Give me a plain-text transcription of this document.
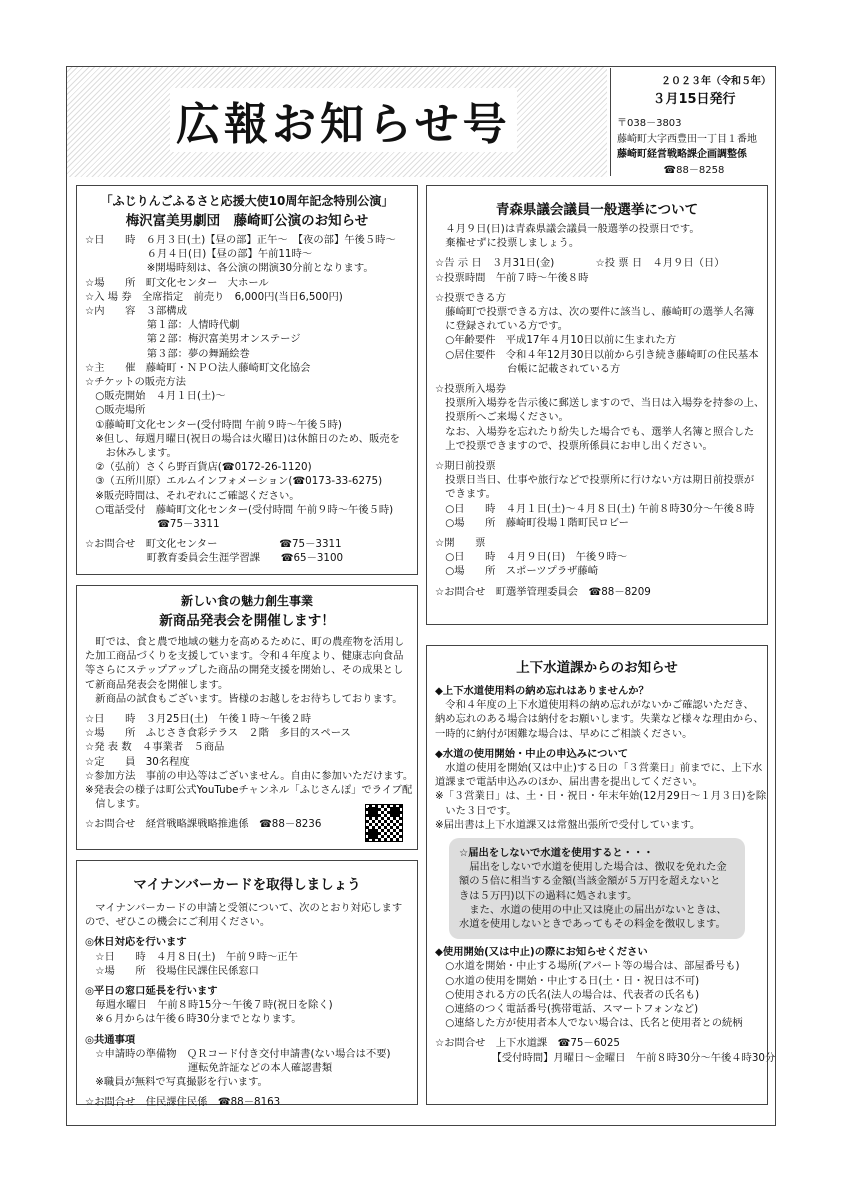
広報お知らせ号
２０２３年（令和５年）
３月15日発行
〒038－3803
藤崎町大字西豊田一丁目１番地
藤崎町経営戦略課企画調整係
☎88－8258
「ふじりんごふるさと応援大使10周年記念特別公演」
梅沢富美男劇団　藤崎町公演のお知らせ
☆日　　時　６月３日(土)【昼の部】正午～　【夜の部】午後５時～
　　　　　　６月４日(日)【昼の部】午前11時～
　　　　　　※開場時刻は、各公演の開演30分前となります。
☆場　　所　町文化センター　大ホール
☆入 場 券　全席指定　前売り　6,000円(当日6,500円)
☆内　　容　３部構成
　　　　　　第１部：人情時代劇
　　　　　　第２部：梅沢富美男オンステージ
　　　　　　第３部：夢の舞踊絵巻
☆主　　催　藤崎町・ＮＰＯ法人藤崎町文化協会
☆チケットの販売方法
　○販売開始　４月１日(土)～
　○販売場所
　①藤崎町文化センター(受付時間 午前９時～午後５時)
　※但し、毎週月曜日(祝日の場合は火曜日)は休館日のため、販売を
　　お休みします。
　②（弘前）さくら野百貨店(☎0172-26-1120)
　③（五所川原）エルムインフォメーション(☎0173-33-6275)
　※販売時間は、それぞれにご確認ください。
　○電話受付　藤崎町文化センター(受付時間 午前９時～午後５時)
　　　　　　　☎75－3311
☆お問合せ　町文化センター　　　　　　☎75－3311
　　　　　　町教育委員会生涯学習課　　☎65－3100
青森県議会議員一般選挙について
　４月９日(日)は青森県議会議員一般選挙の投票日です。
　棄権せずに投票しましょう。
☆告 示 日　３月31日(金)　　　　☆投 票 日　４月９日（日）
☆投票時間　午前７時～午後８時
☆投票できる方
　藤崎町で投票できる方は、次の要件に該当し、藤崎町の選挙人名簿
　に登録されている方です。
　○年齢要件　平成17年４月10日以前に生まれた方
　○居住要件　令和４年12月30日以前から引き続き藤崎町の住民基本
　　　　　　　台帳に記載されている方
☆投票所入場券
　投票所入場券を告示後に郵送しますので、当日は入場券を持参の上、
　投票所へご来場ください。
　なお、入場券を忘れたり紛失した場合でも、選挙人名簿と照合した
　上で投票できますので、投票所係員にお申し出ください。
☆期日前投票
　投票日当日、仕事や旅行などで投票所に行けない方は期日前投票が
　できます。
　○日　　時　４月１日(土)～４月８日(土) 午前８時30分～午後８時
　○場　　所　藤崎町役場１階町民ロビー
☆開　　票
　○日　　時　４月９日(日)　午後９時～
　○場　　所　スポーツプラザ藤崎
☆お問合せ　町選挙管理委員会　☎88－8209
新しい食の魅力創生事業
新商品発表会を開催します！
　町では、食と農で地域の魅力を高めるために、町の農産物を活用し
た加工商品づくりを支援しています。令和４年度より、健康志向食品
等さらにステップアップした商品の開発支援を開始し、その成果とし
て新商品発表会を開催します。
　新商品の試食もございます。皆様のお越しをお待ちしております。
☆日　　時　３月25日(土)　午後１時～午後２時
☆場　　所　ふじさき食彩テラス　２階　多目的スペース
☆発 表 数　４事業者　５商品
☆定　　員　30名程度
☆参加方法　事前の申込等はございません。自由に参加いただけます。
※発表会の様子は町公式YouTubeチャンネル「ふじさんぽ」でライブ配
　信します。
☆お問合せ　経営戦略課戦略推進係　☎88－8236
上下水道課からのお知らせ
◆上下水道使用料の納め忘れはありませんか？
　令和４年度の上下水道使用料の納め忘れがないかご確認いただき、
納め忘れのある場合は納付をお願いします。失業など様々な理由から、
一時的に納付が困難な場合は、早めにご相談ください。
◆水道の使用開始・中止の申込みについて
　水道の使用を開始(又は中止)する日の「３営業日」前までに、上下水
道課まで電話申込みのほか、届出書を提出してください。
※「３営業日」は、土・日・祝日・年末年始(12月29日～１月３日)を除
　いた３日です。
※届出書は上下水道課又は常盤出張所で受付しています。
☆届出をしないで水道を使用すると・・・
　届出をしないで水道を使用した場合は、徴収を免れた金
額の５倍に相当する金額(当該金額が５万円を超えないと
きは５万円)以下の過料に処されます。
　また、水道の使用の中止又は廃止の届出がないときは、
水道を使用しないときであってもその料金を徴収します。
◆使用開始(又は中止)の際にお知らせください
　○水道を開始・中止する場所(アパート等の場合は、部屋番号も)
　○水道の使用を開始・中止する日(土・日・祝日は不可)
　○使用される方の氏名(法人の場合は、代表者の氏名も)
　○連絡のつく電話番号(携帯電話、スマートフォンなど)
　○連絡した方が使用者本人でない場合は、氏名と使用者との続柄
☆お問合せ　上下水道課　☎75－6025
　　　　　　【受付時間】月曜日～金曜日　午前８時30分～午後４時30分
マイナンバーカードを取得しましょう
　マイナンバーカードの申請と受領について、次のとおり対応します
ので、ぜひこの機会にご利用ください。
◎休日対応を行います
　☆日　　時　４月８日(土)　午前９時～正午
　☆場　　所　役場住民課住民係窓口
◎平日の窓口延長を行います
　毎週水曜日　午前８時15分～午後７時(祝日を除く)
　※６月からは午後６時30分までとなります。
◎共通事項
　☆申請時の準備物　ＱＲコード付き交付申請書(ない場合は不要)
　　　　　　　　　　運転免許証などの本人確認書類
　※職員が無料で写真撮影を行います。
☆お問合せ　住民課住民係　☎88－8163
